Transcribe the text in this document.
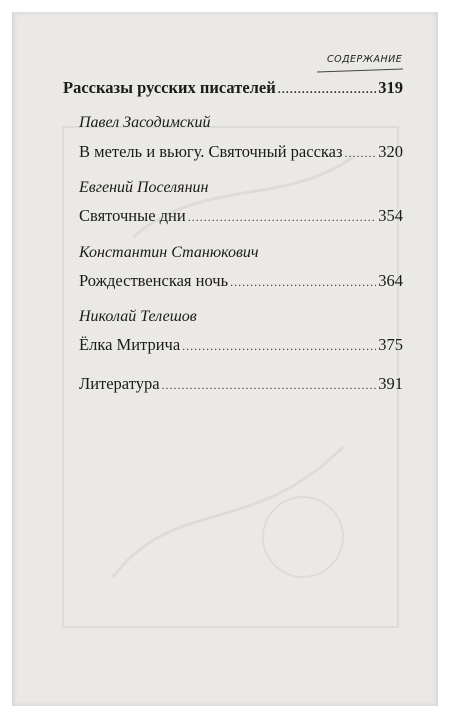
СОДЕРЖАНИЕ
Рассказы русских писателей .....	319
Павел Засодимский
В метель и вьюгу. Святочный рассказ ..... 320
Евгений Поселянин
Святочные дни .....	354
Константин Станюкович
Рождественская ночь .....	364
Николай Телешов
Ёлка Митрича .....	375
Литература .....	391
